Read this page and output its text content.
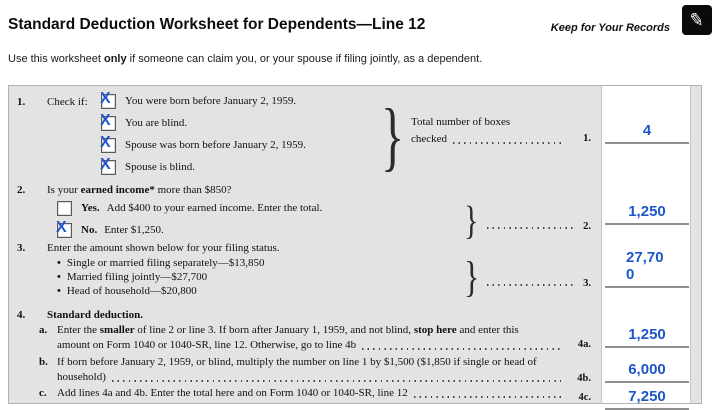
Standard Deduction Worksheet for Dependents—Line 12	Keep for Your Records ✎
Use this worksheet only if someone can claim you, or your spouse if filing jointly, as a dependent.
1.	Check if: X You were born before January 2, 1959.
X You are blind.
X Spouse was born before January 2, 1959.
X Spouse is blind.	} Total number of boxes
checked	1.	4
2.	Is your earned income* more than $850?
Yes. Add $400 to your earned income. Enter the total.
X No. Enter $1,250.	}	2.
1,250
3.	Enter the amount shown below for your filing status.
• Single or married filing separately—$13,850
• Married filing jointly—$27,700
• Head of household—$20,800	}	3.
27,700
4.	Standard deduction.
a. Enter the smaller of line 2 or line 3. If born after January 1, 1959, and not blind, stop here and enter this
amount on Form 1040 or 1040-SR, line 12. Otherwise, go to line 4b	4a.
1,250
b. If born before January 2, 1959, or blind, multiply the number on line 1 by $1,500 ($1,850 if single or head of
household)	4b.
6,000
c. Add lines 4a and 4b. Enter the total here and on Form 1040 or 1040-SR, line 12	4c.	7,250
